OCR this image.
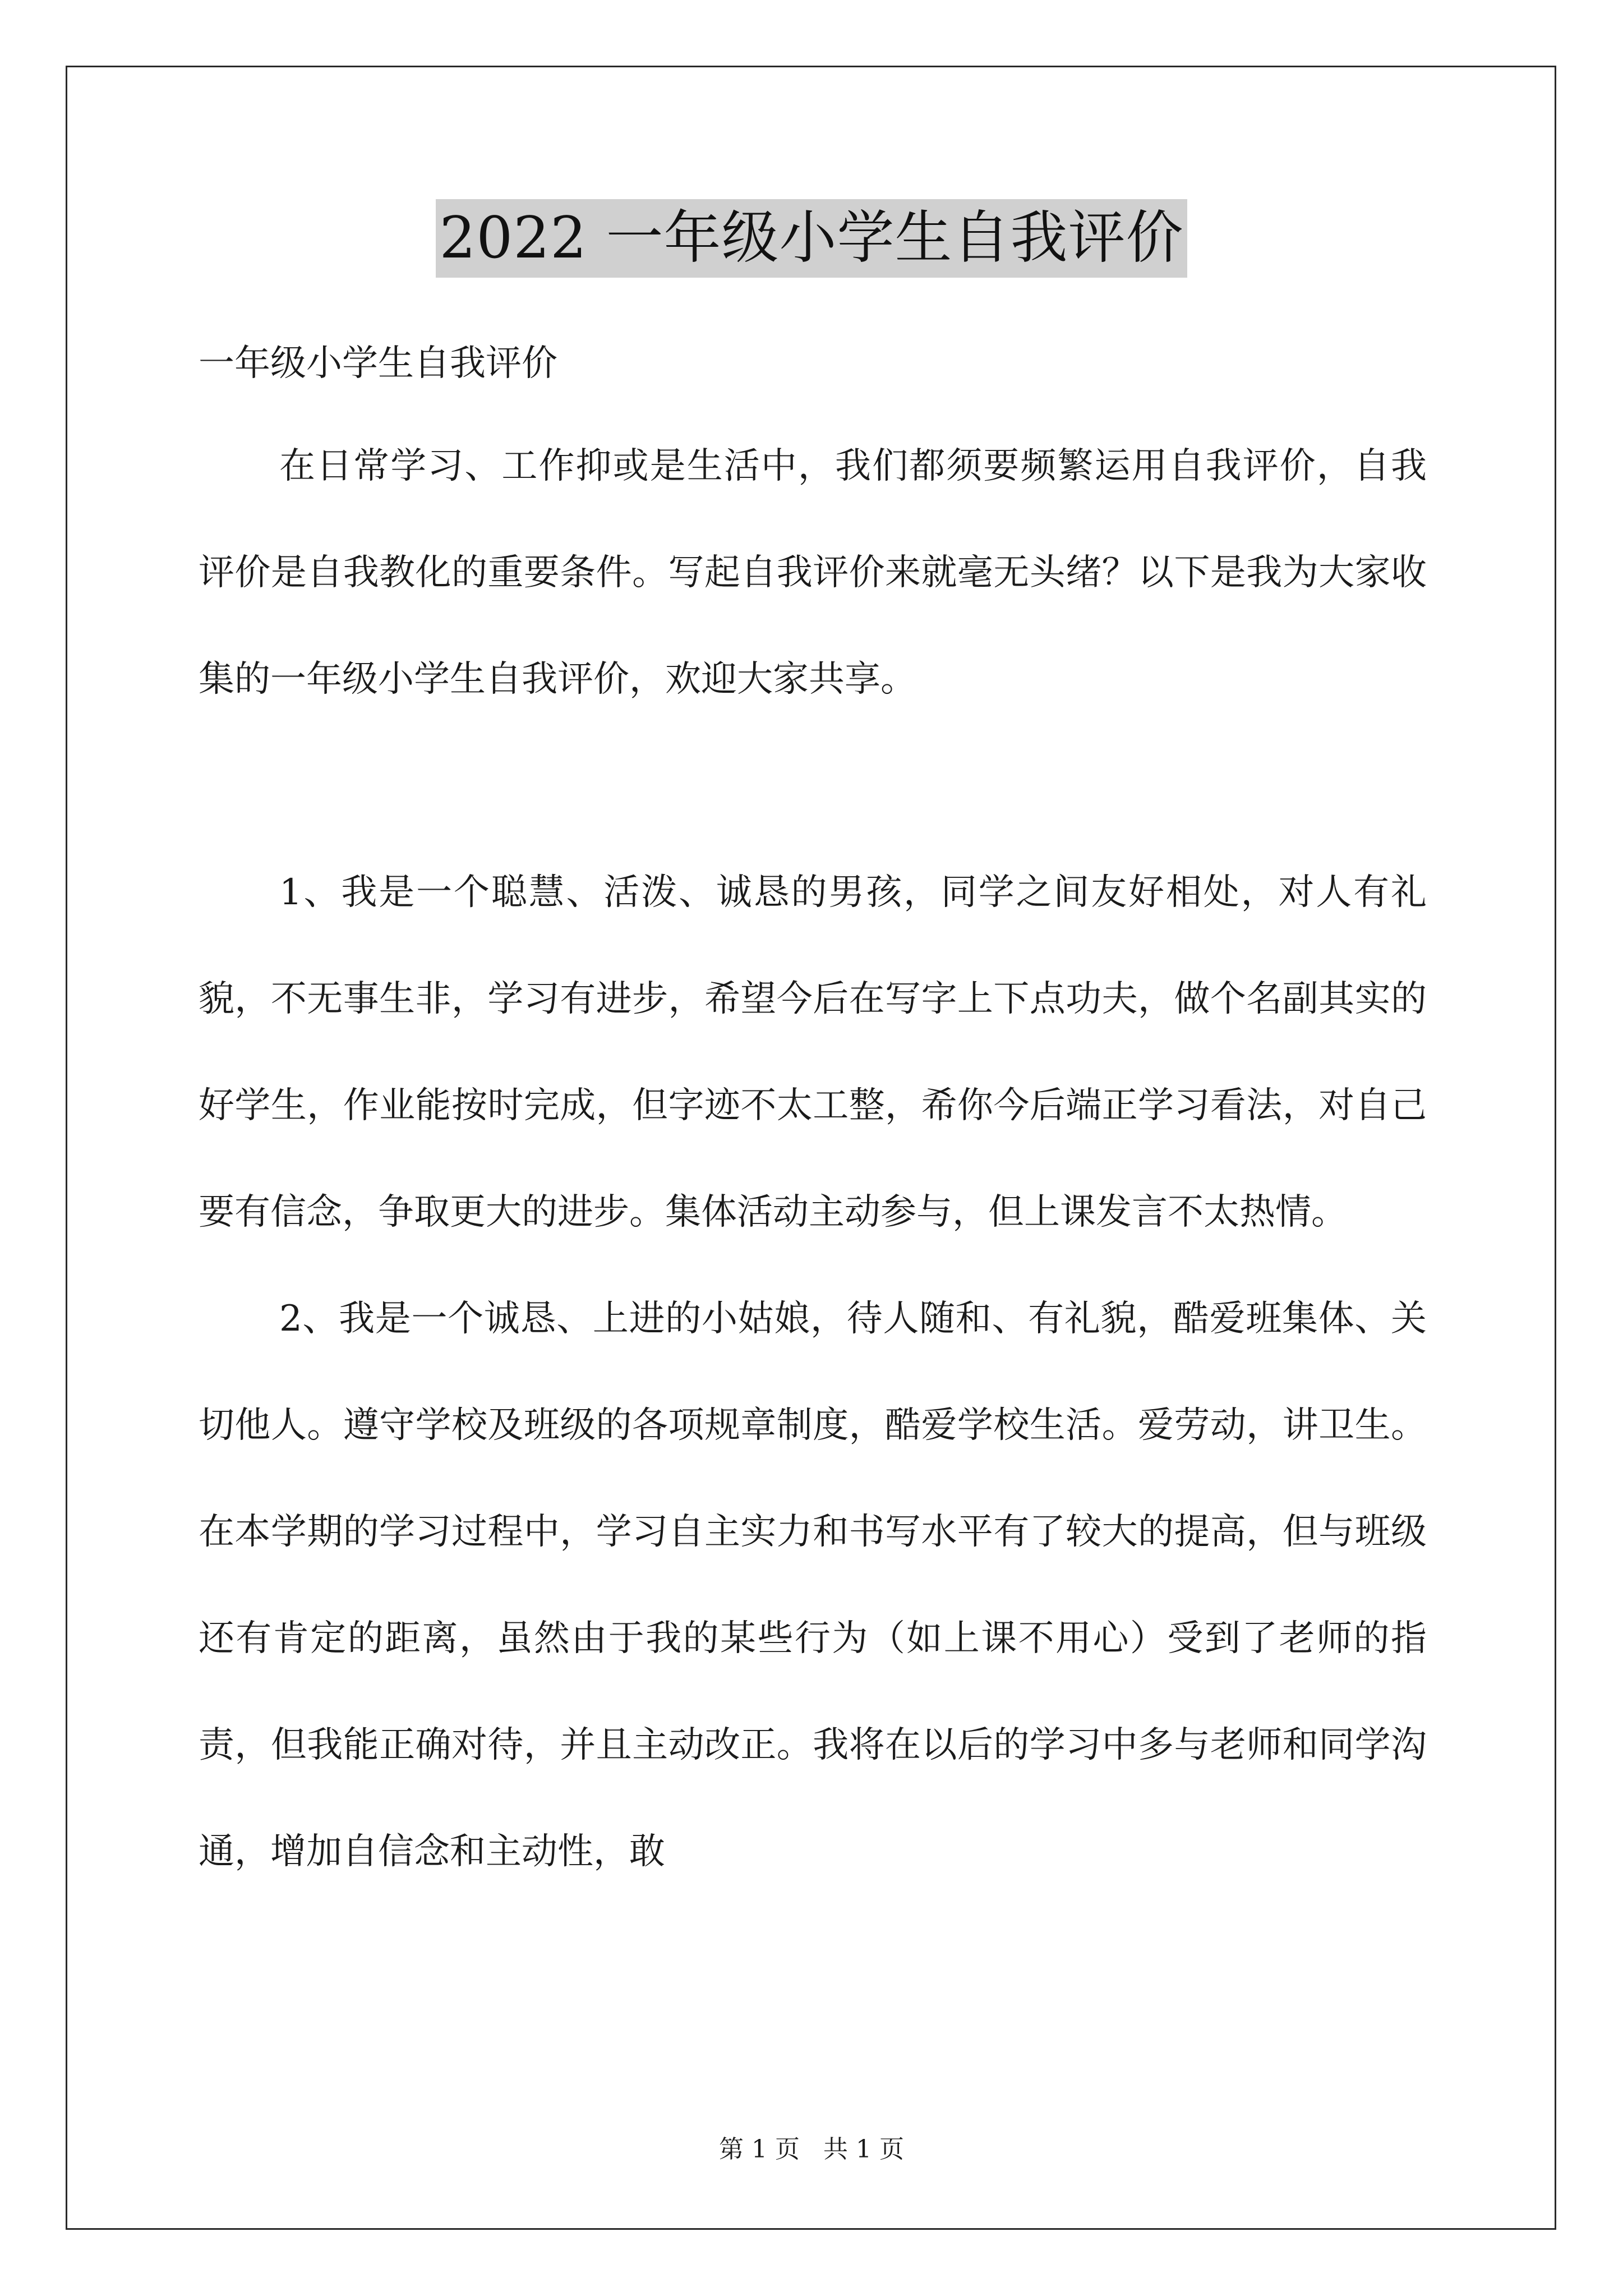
2022 一年级小学生自我评价

一年级小学生自我评价

在日常学习、工作抑或是生活中，我们都须要频繁运用自我评价，自我评价是自我教化的重要条件。写起自我评价来就毫无头绪？以下是我为大家收集的一年级小学生自我评价，欢迎大家共享。

1、我是一个聪慧、活泼、诚恳的男孩，同学之间友好相处，对人有礼貌，不无事生非，学习有进步，希望今后在写字上下点功夫，做个名副其实的好学生，作业能按时完成，但字迹不太工整，希你今后端正学习看法，对自己要有信念，争取更大的进步。集体活动主动参与，但上课发言不太热情。

2、我是一个诚恳、上进的小姑娘，待人随和、有礼貌，酷爱班集体、关切他人。遵守学校及班级的各项规章制度，酷爱学校生活。爱劳动，讲卫生。在本学期的学习过程中，学习自主实力和书写水平有了较大的提高，但与班级还有肯定的距离，虽然由于我的某些行为（如上课不用心）受到了老师的指责，但我能正确对待，并且主动改正。我将在以后的学习中多与老师和同学沟通，增加自信念和主动性，敢

第 1 页 共 1 页
